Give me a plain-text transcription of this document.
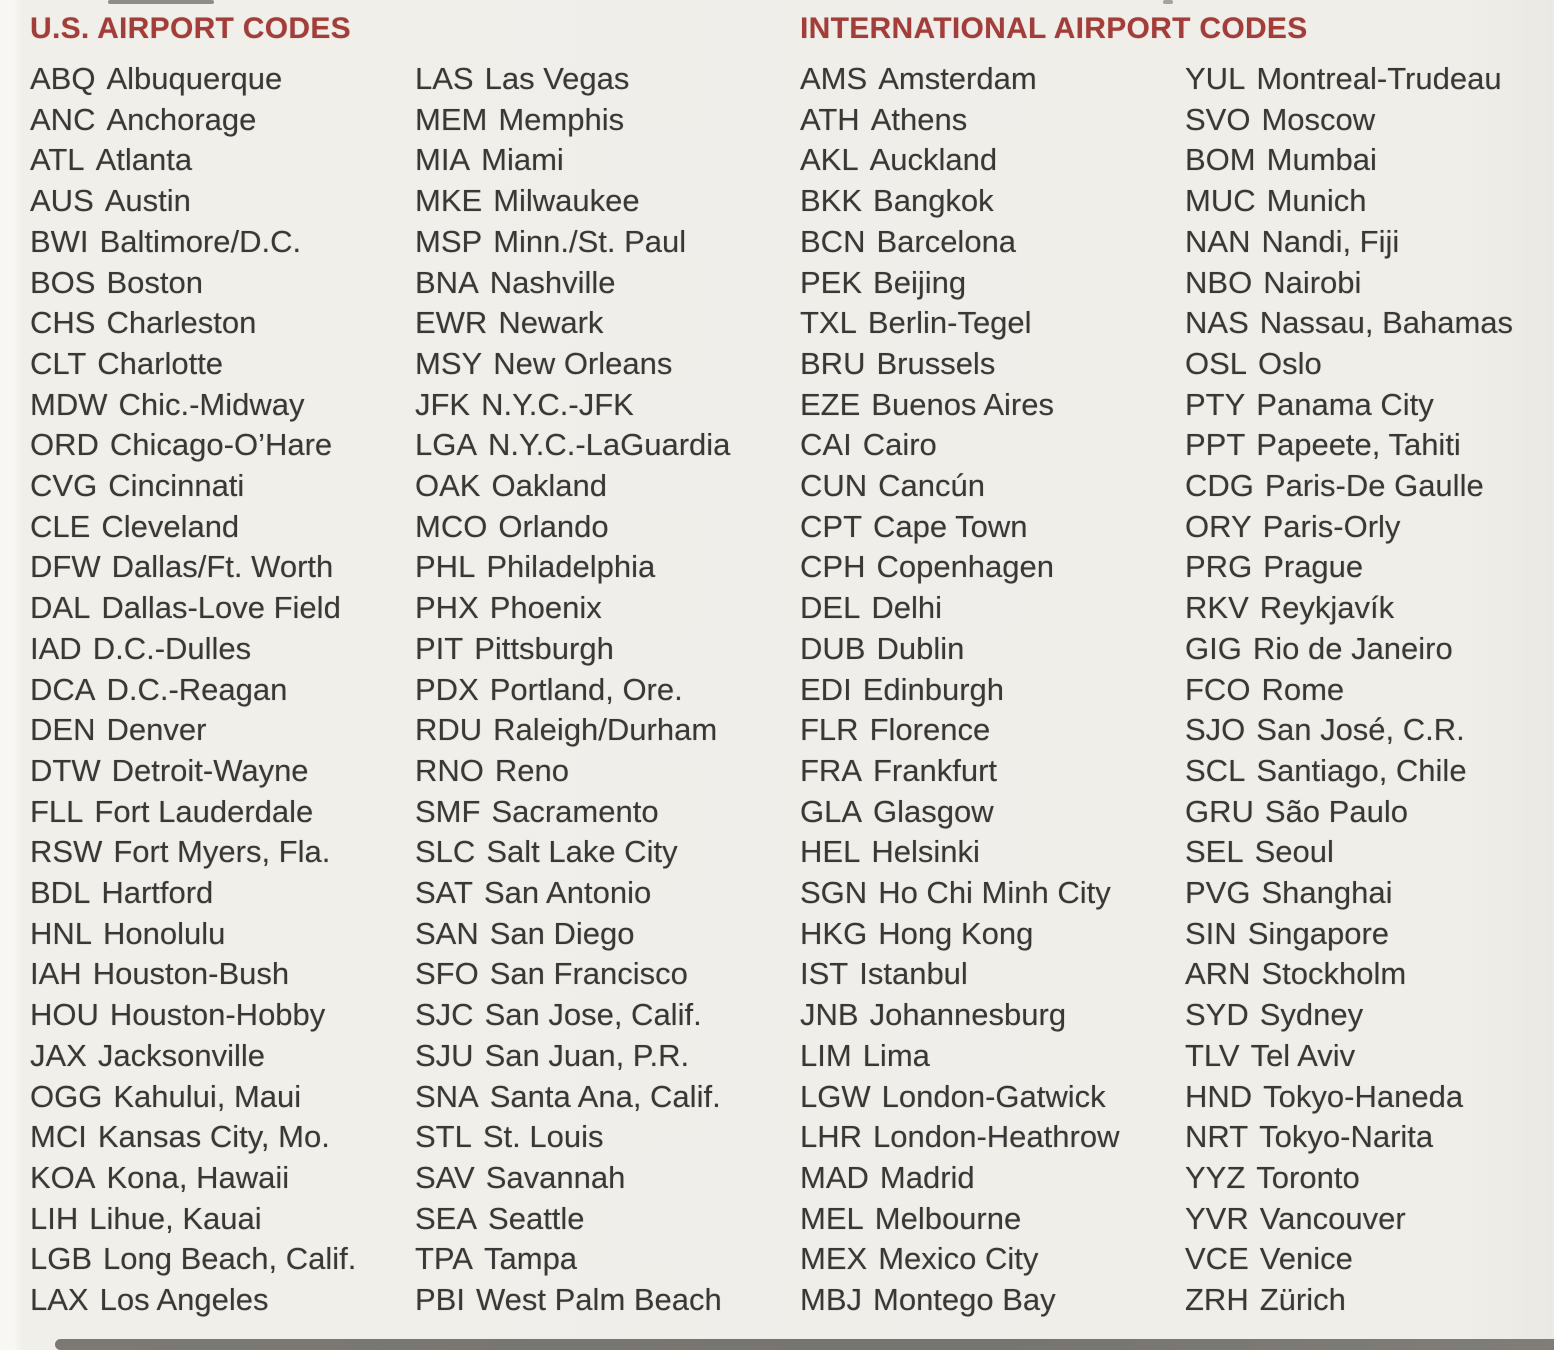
U.S. AIRPORT CODES
ABQ Albuquerque
ANC Anchorage
ATL Atlanta
AUS Austin
BWI Baltimore/D.C.
BOS Boston
CHS Charleston
CLT Charlotte
MDW Chic.-Midway
ORD Chicago-O’Hare
CVG Cincinnati
CLE Cleveland
DFW Dallas/Ft. Worth
DAL Dallas-Love Field
IAD D.C.-Dulles
DCA D.C.-Reagan
DEN Denver
DTW Detroit-Wayne
FLL Fort Lauderdale
RSW Fort Myers, Fla.
BDL Hartford
HNL Honolulu
IAH Houston-Bush
HOU Houston-Hobby
JAX Jacksonville
OGG Kahului, Maui
MCI Kansas City, Mo.
KOA Kona, Hawaii
LIH Lihue, Kauai
LGB Long Beach, Calif.
LAX Los Angeles
LAS Las Vegas
MEM Memphis
MIA Miami
MKE Milwaukee
MSP Minn./St. Paul
BNA Nashville
EWR Newark
MSY New Orleans
JFK N.Y.C.-JFK
LGA N.Y.C.-LaGuardia
OAK Oakland
MCO Orlando
PHL Philadelphia
PHX Phoenix
PIT Pittsburgh
PDX Portland, Ore.
RDU Raleigh/Durham
RNO Reno
SMF Sacramento
SLC Salt Lake City
SAT San Antonio
SAN San Diego
SFO San Francisco
SJC San Jose, Calif.
SJU San Juan, P.R.
SNA Santa Ana, Calif.
STL St. Louis
SAV Savannah
SEA Seattle
TPA Tampa
PBI West Palm Beach
INTERNATIONAL AIRPORT CODES
AMS Amsterdam
ATH Athens
AKL Auckland
BKK Bangkok
BCN Barcelona
PEK Beijing
TXL Berlin-Tegel
BRU Brussels
EZE Buenos Aires
CAI Cairo
CUN Cancún
CPT Cape Town
CPH Copenhagen
DEL Delhi
DUB Dublin
EDI Edinburgh
FLR Florence
FRA Frankfurt
GLA Glasgow
HEL Helsinki
SGN Ho Chi Minh City
HKG Hong Kong
IST Istanbul
JNB Johannesburg
LIM Lima
LGW London-Gatwick
LHR London-Heathrow
MAD Madrid
MEL Melbourne
MEX Mexico City
MBJ Montego Bay
YUL Montreal-Trudeau
SVO Moscow
BOM Mumbai
MUC Munich
NAN Nandi, Fiji
NBO Nairobi
NAS Nassau, Bahamas
OSL Oslo
PTY Panama City
PPT Papeete, Tahiti
CDG Paris-De Gaulle
ORY Paris-Orly
PRG Prague
RKV Reykjavík
GIG Rio de Janeiro
FCO Rome
SJO San José, C.R.
SCL Santiago, Chile
GRU São Paulo
SEL Seoul
PVG Shanghai
SIN Singapore
ARN Stockholm
SYD Sydney
TLV Tel Aviv
HND Tokyo-Haneda
NRT Tokyo-Narita
YYZ Toronto
YVR Vancouver
VCE Venice
ZRH Zürich
